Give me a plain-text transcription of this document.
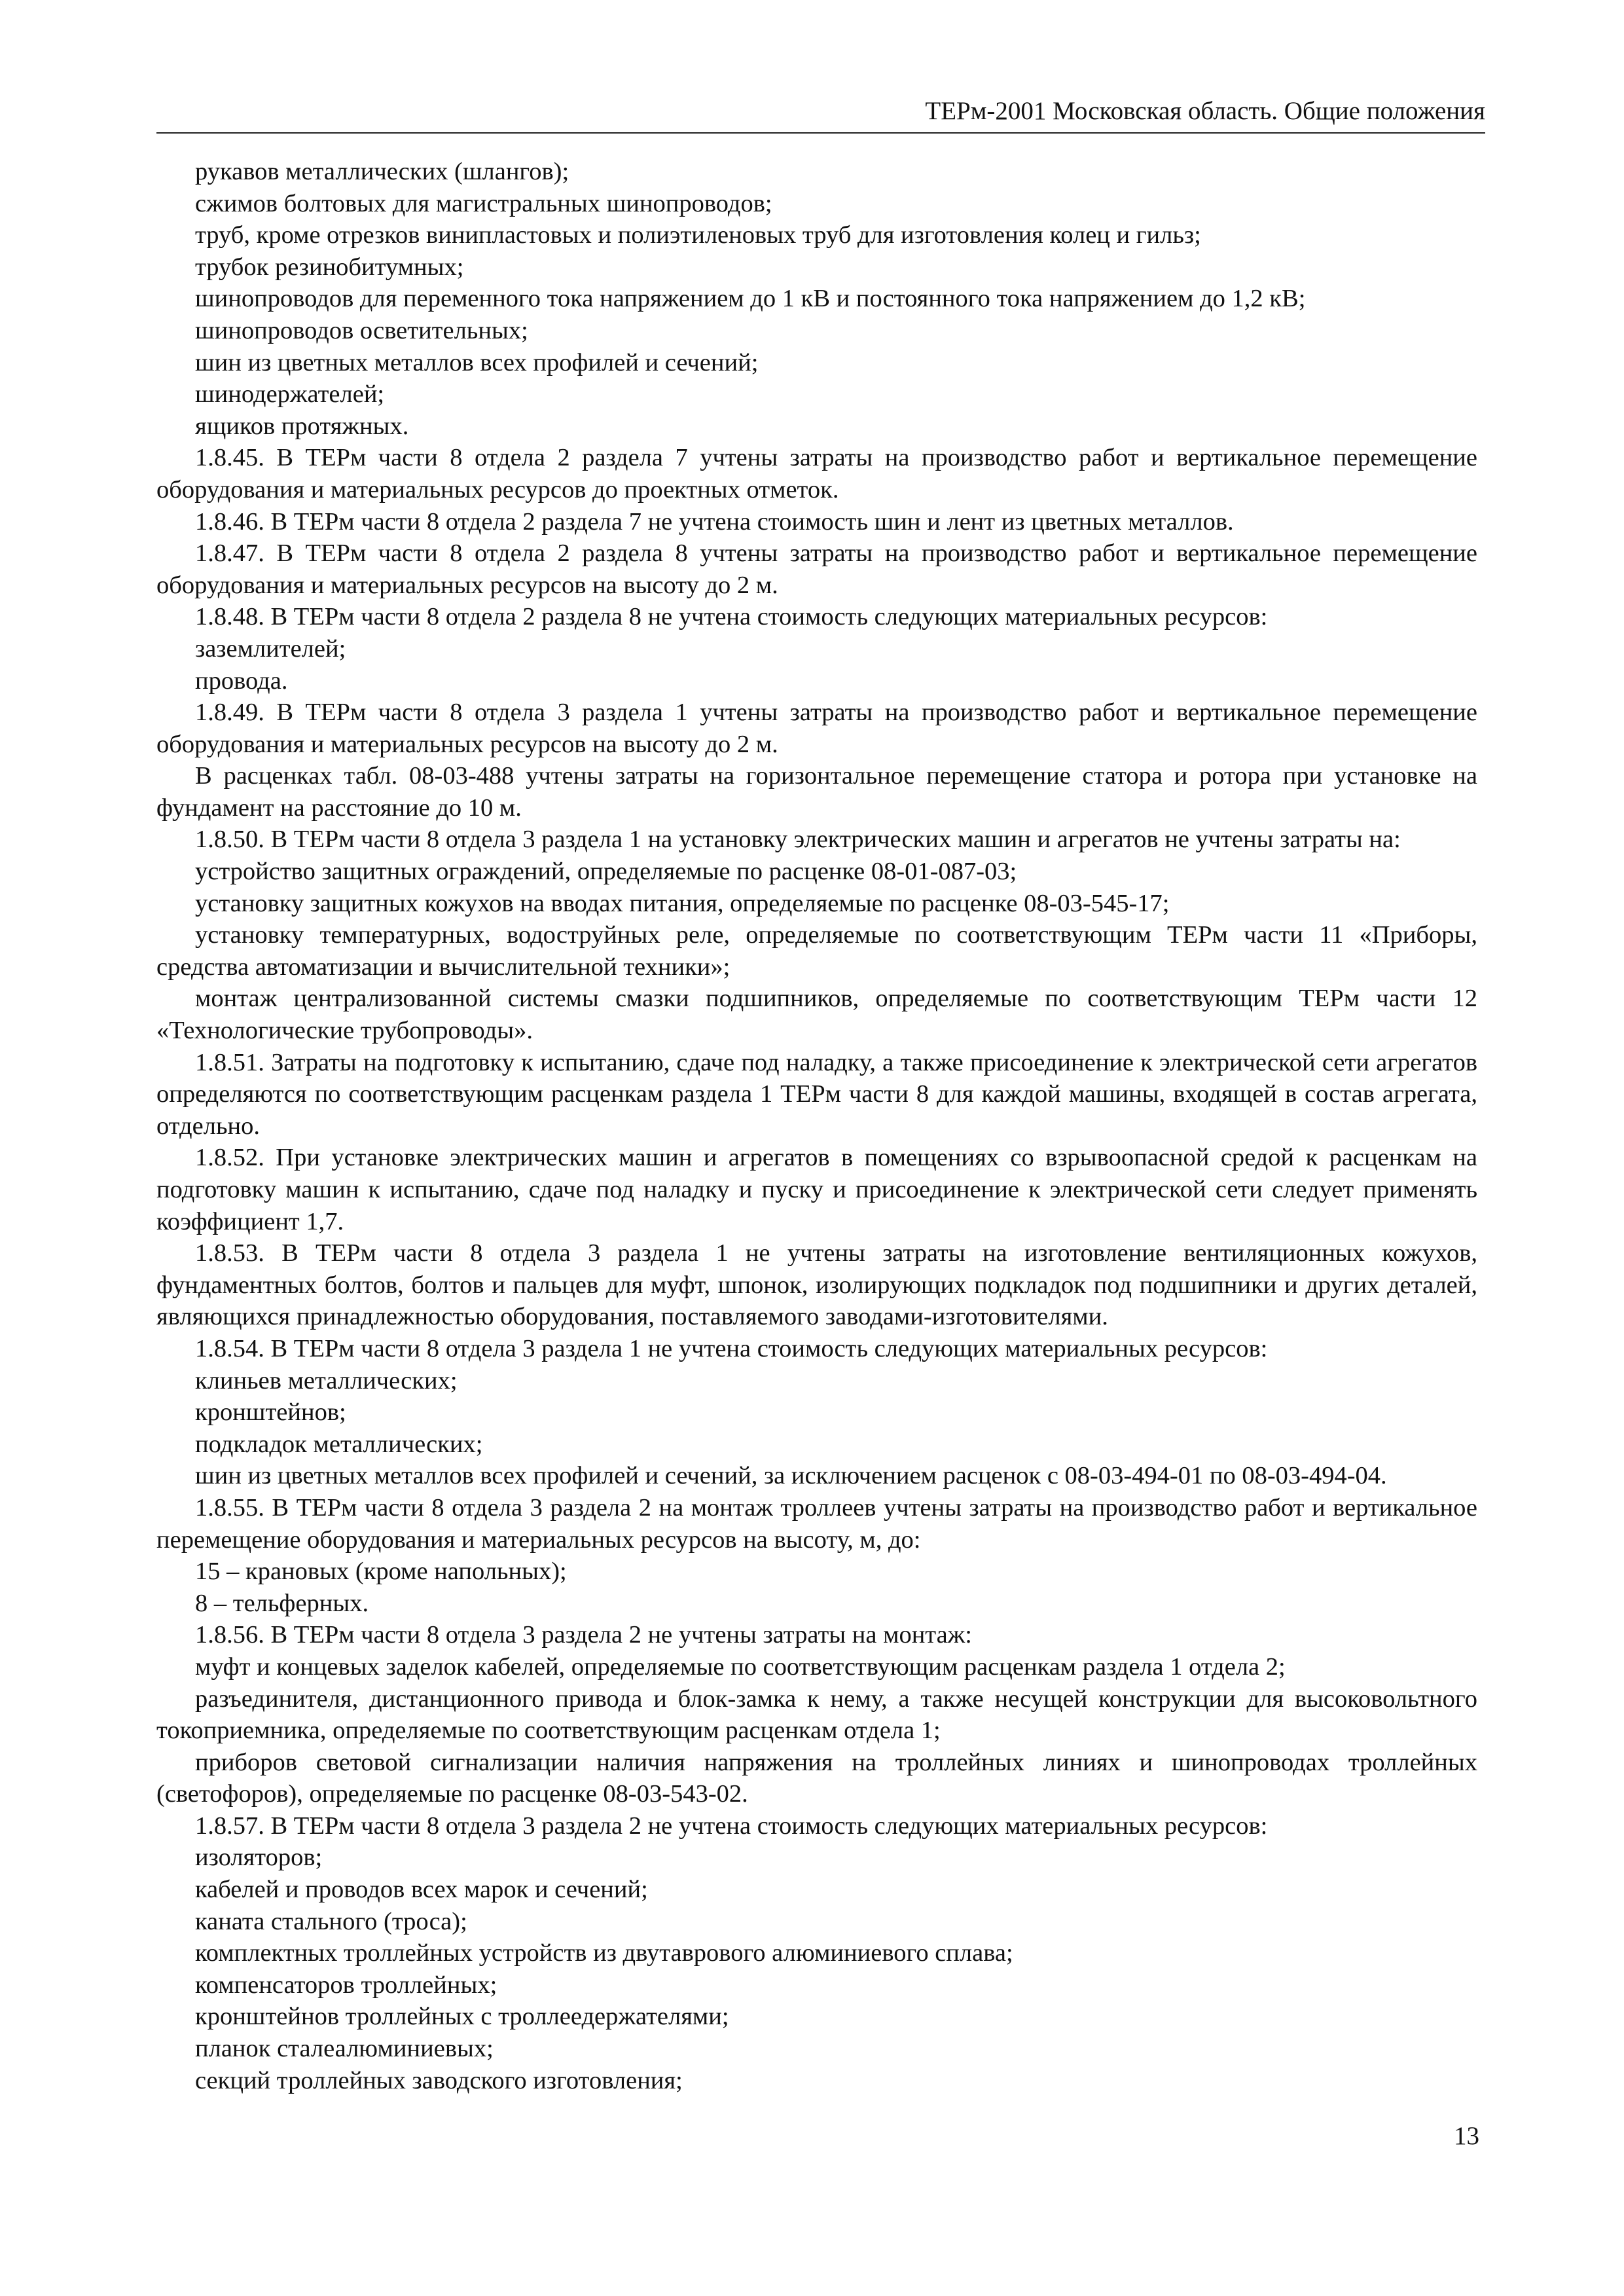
ТЕРм-2001 Московская область. Общие положения

рукавов металлических (шлангов);

сжимов болтовых для магистральных шинопроводов;

труб, кроме отрезков винипластовых и полиэтиленовых труб для изготовления колец и гильз;

трубок резинобитумных;

шинопроводов для переменного тока напряжением до 1 кВ и постоянного тока напряжением до 1,2 кВ;

шинопроводов осветительных;

шин из цветных металлов всех профилей и сечений;

шинодержателей;

ящиков протяжных.

1.8.45. В ТЕРм части 8 отдела 2 раздела 7 учтены затраты на производство работ и вертикальное перемещение оборудования и материальных ресурсов до проектных отметок.

1.8.46. В ТЕРм части 8 отдела 2 раздела 7 не учтена стоимость шин и лент из цветных металлов.

1.8.47. В ТЕРм части 8 отдела 2 раздела 8 учтены затраты на производство работ и вертикальное перемещение оборудования и материальных ресурсов на высоту до 2 м.

1.8.48. В ТЕРм части 8 отдела 2 раздела 8 не учтена стоимость следующих материальных ресурсов:

заземлителей;

провода.

1.8.49. В ТЕРм части 8 отдела 3 раздела 1 учтены затраты на производство работ и вертикальное перемещение оборудования и материальных ресурсов на высоту до 2 м.

В расценках табл. 08-03-488 учтены затраты на горизонтальное перемещение статора и ротора при установке на фундамент на расстояние до 10 м.

1.8.50. В ТЕРм части 8 отдела 3 раздела 1 на установку электрических машин и агрегатов не учтены затраты на:

устройство защитных ограждений, определяемые по расценке 08-01-087-03;

установку защитных кожухов на вводах питания, определяемые по расценке 08-03-545-17;

установку температурных, водоструйных реле, определяемые по соответствующим ТЕРм части 11 «Приборы, средства автоматизации и вычислительной техники»;

монтаж централизованной системы смазки подшипников, определяемые по соответствующим ТЕРм части 12 «Технологические трубопроводы».

1.8.51. Затраты на подготовку к испытанию, сдаче под наладку, а также присоединение к электрической сети агрегатов определяются по соответствующим расценкам раздела 1 ТЕРм части 8 для каждой машины, входящей в состав агрегата, отдельно.

1.8.52. При установке электрических машин и агрегатов в помещениях со взрывоопасной средой к расценкам на подготовку машин к испытанию, сдаче под наладку и пуску и присоединение к электрической сети следует применять коэффициент 1,7.

1.8.53. В ТЕРм части 8 отдела 3 раздела 1 не учтены затраты на изготовление вентиляционных кожухов, фундаментных болтов, болтов и пальцев для муфт, шпонок, изолирующих подкладок под подшипники и других деталей, являющихся принадлежностью оборудования, поставляемого заводами-изготовителями.

1.8.54. В ТЕРм части 8 отдела 3 раздела 1 не учтена стоимость следующих материальных ресурсов:

клиньев металлических;

кронштейнов;

подкладок металлических;

шин из цветных металлов всех профилей и сечений, за исключением расценок с 08-03-494-01 по 08-03-494-04.

1.8.55. В ТЕРм части 8 отдела 3 раздела 2 на монтаж троллеев учтены затраты на производство работ и вертикальное перемещение оборудования и материальных ресурсов на высоту, м, до:

15 – крановых (кроме напольных);

8 – тельферных.

1.8.56. В ТЕРм части 8 отдела 3 раздела 2 не учтены затраты на монтаж:

муфт и концевых заделок кабелей, определяемые по соответствующим расценкам раздела 1 отдела 2;

разъединителя, дистанционного привода и блок-замка к нему, а также несущей конструкции для высоковольтного токоприемника, определяемые по соответствующим расценкам отдела 1;

приборов световой сигнализации наличия напряжения на троллейных линиях и шинопроводах троллейных (светофоров), определяемые по расценке 08-03-543-02.

1.8.57. В ТЕРм части 8 отдела 3 раздела 2 не учтена стоимость следующих материальных ресурсов:

изоляторов;

кабелей и проводов всех марок и сечений;

каната стального (троса);

комплектных троллейных устройств из двутаврового алюминиевого сплава;

компенсаторов троллейных;

кронштейнов троллейных с троллеедержателями;

планок сталеалюминиевых;

секций троллейных заводского изготовления;

13
